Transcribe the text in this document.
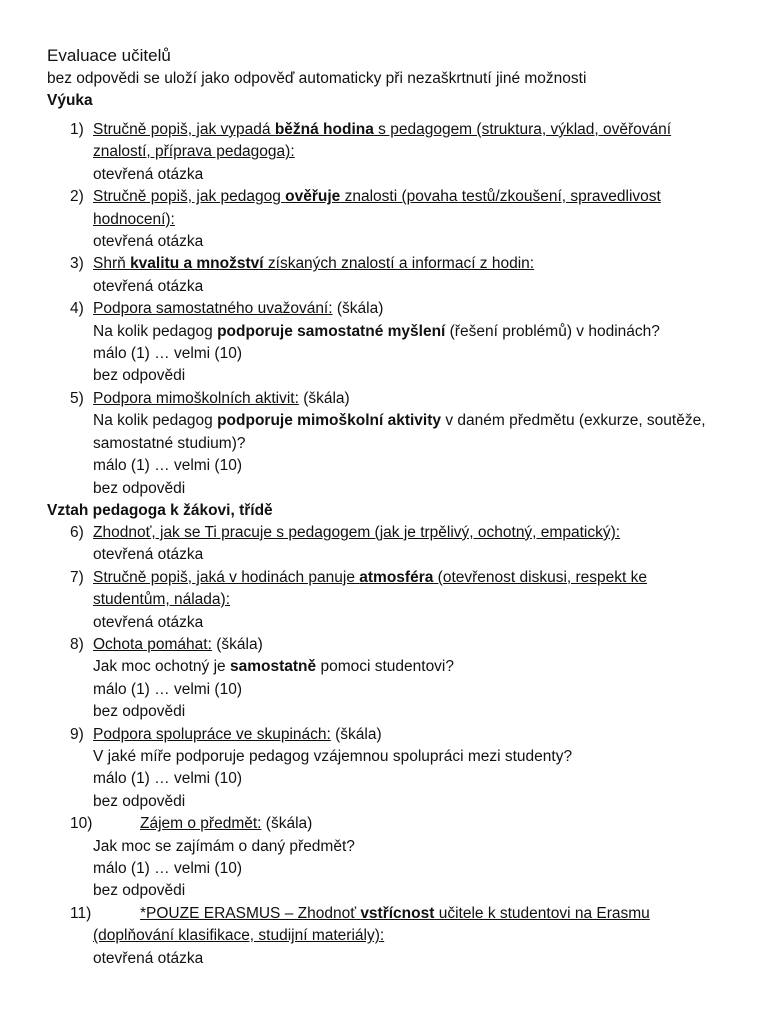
Evaluace učitelů
bez odpovědi se uloží jako odpověď automaticky při nezaškrtnutí jiné možnosti
Výuka
1) Stručně popiš, jak vypadá běžná hodina s pedagogem (struktura, výklad, ověřování znalostí, příprava pedagoga):
otevřená otázka
2) Stručně popiš, jak pedagog ověřuje znalosti (povaha testů/zkoušení, spravedlivost hodnocení):
otevřená otázka
3) Shrň kvalitu a množství získaných znalostí a informací z hodin:
otevřená otázka
4) Podpora samostatného uvažování: (škála)
Na kolik pedagog podporuje samostatné myšlení (řešení problémů) v hodinách?
málo (1) … velmi (10)
bez odpovědi
5) Podpora mimoškolních aktivit: (škála)
Na kolik pedagog podporuje mimoškolní aktivity v daném předmětu (exkurze, soutěže, samostatné studium)?
málo (1) … velmi (10)
bez odpovědi
Vztah pedagoga k žákovi, třídě
6) Zhodnoť, jak se Ti pracuje s pedagogem (jak je trpělivý, ochotný, empatický):
otevřená otázka
7) Stručně popiš, jaká v hodinách panuje atmosféra (otevřenost diskusi, respekt ke studentům, nálada):
otevřená otázka
8) Ochota pomáhat: (škála)
Jak moc ochotný je samostatně pomoci studentovi?
málo (1) … velmi (10)
bez odpovědi
9) Podpora spolupráce ve skupinách: (škála)
V jaké míře podporuje pedagog vzájemnou spolupráci mezi studenty?
málo (1) … velmi (10)
bez odpovědi
10)	Zájem o předmět: (škála)
Jak moc se zajímám o daný předmět?
málo (1) … velmi (10)
bez odpovědi
11)	*POUZE ERASMUS – Zhodnoť vstřícnost učitele k studentovi na Erasmu (doplňování klasifikace, studijní materiály):
otevřená otázka
